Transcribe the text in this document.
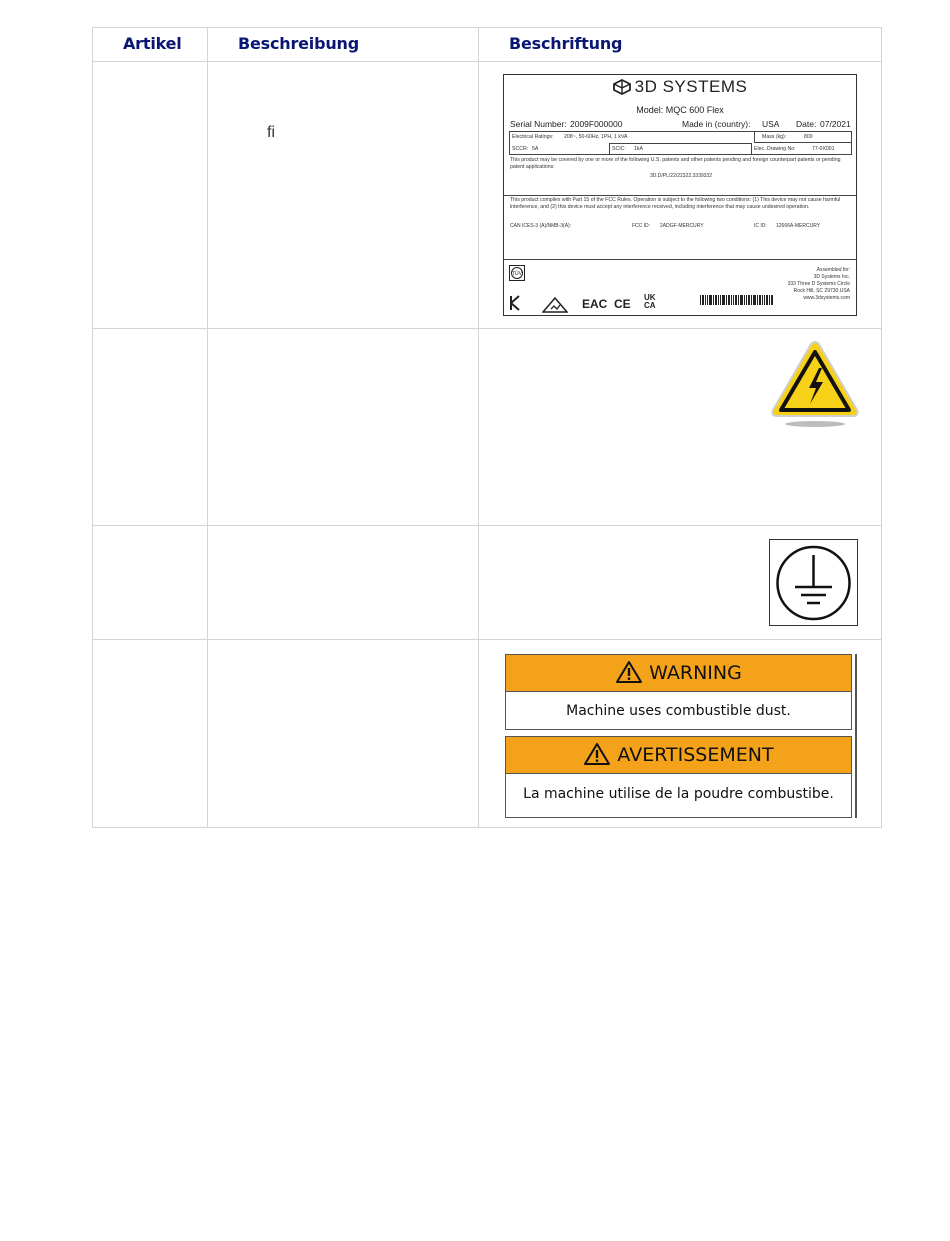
Artikel	Beschreibung	Beschriftung
ﬁ
3D SYSTEMS
Model: MQC 600 Flex
Serial Number: 2009F000000	Made in (country): USA Date: 07/2021
Electrical Ratings: 208~, 50-60Hz, 1PH, 1 kVA	Mass (kg):	800
SCCR: 5A	SCIC: 1kA	Elec. Drawing No:	77-0X001
This product may be covered by one or more of the following U.S. patents and other patents pending and foreign counterpart patents or pending patent applications:
3D.D/PL/22/22322.3339332
This product complies with Part 15 of the FCC Rules. Operation is subject to the following two conditions: (1) This device may not cause harmful interference, and (2) this device must accept any interference received, including interference that may cause undesired operation.
CAN ICES-3 (A)/NMB-3(A):	FCC ID: 2ADGF-MERCURY	IC ID: 12666A-MERCURY
TÜV
EAC CE UK CA
Assembled for:
3D Systems Inc.
333 Three D Systems Circle
Rock Hill, SC 29730 USA
www.3dsystems.com
WARNING
Machine uses combustible dust.
AVERTISSEMENT
La machine utilise de la poudre combustibe.
